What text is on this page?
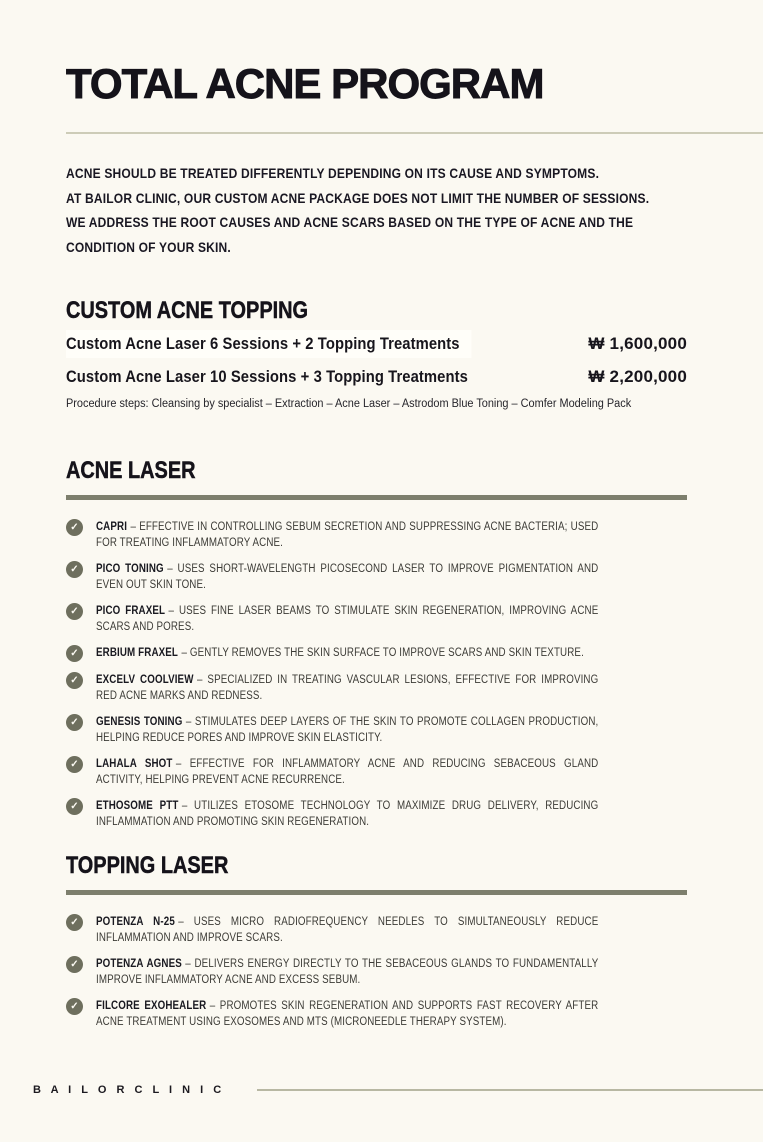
TOTAL ACNE PROGRAM
ACNE SHOULD BE TREATED DIFFERENTLY DEPENDING ON ITS CAUSE AND SYMPTOMS.
AT BAILOR CLINIC, OUR CUSTOM ACNE PACKAGE DOES NOT LIMIT THE NUMBER OF SESSIONS.
WE ADDRESS THE ROOT CAUSES AND ACNE SCARS BASED ON THE TYPE OF ACNE AND THE CONDITION OF YOUR SKIN.
CUSTOM ACNE TOPPING
Custom Acne Laser 6 Sessions + 2 Topping Treatments	₩ 1,600,000
Custom Acne Laser 10 Sessions + 3 Topping Treatments	₩ 2,200,000
Procedure steps: Cleansing by specialist – Extraction – Acne Laser – Astrodom Blue Toning – Comfer Modeling Pack
ACNE LASER
✓	CAPRI – EFFECTIVE IN CONTROLLING SEBUM SECRETION AND SUPPRESSING ACNE BACTERIA; USED FOR TREATING INFLAMMATORY ACNE.
✓	PICO TONING – USES SHORT-WAVELENGTH PICOSECOND LASER TO IMPROVE PIGMENTATION AND EVEN OUT SKIN TONE.
✓	PICO FRAXEL – USES FINE LASER BEAMS TO STIMULATE SKIN REGENERATION, IMPROVING ACNE SCARS AND PORES.
✓	ERBIUM FRAXEL – GENTLY REMOVES THE SKIN SURFACE TO IMPROVE SCARS AND SKIN TEXTURE.
✓	EXCELV COOLVIEW – SPECIALIZED IN TREATING VASCULAR LESIONS, EFFECTIVE FOR IMPROVING RED ACNE MARKS AND REDNESS.
✓	GENESIS TONING – STIMULATES DEEP LAYERS OF THE SKIN TO PROMOTE COLLAGEN PRODUCTION, HELPING REDUCE PORES AND IMPROVE SKIN ELASTICITY.
✓	LAHALA SHOT – EFFECTIVE FOR INFLAMMATORY ACNE AND REDUCING SEBACEOUS GLAND ACTIVITY, HELPING PREVENT ACNE RECURRENCE.
✓	ETHOSOME PTT – UTILIZES ETOSOME TECHNOLOGY TO MAXIMIZE DRUG DELIVERY, REDUCING INFLAMMATION AND PROMOTING SKIN REGENERATION.
TOPPING LASER
✓	POTENZA N-25 – USES MICRO RADIOFREQUENCY NEEDLES TO SIMULTANEOUSLY REDUCE INFLAMMATION AND IMPROVE SCARS.
✓	POTENZA AGNES – DELIVERS ENERGY DIRECTLY TO THE SEBACEOUS GLANDS TO FUNDAMENTALLY IMPROVE INFLAMMATORY ACNE AND EXCESS SEBUM.
✓	FILCORE EXOHEALER – PROMOTES SKIN REGENERATION AND SUPPORTS FAST RECOVERY AFTER ACNE TREATMENT USING EXOSOMES AND MTS (MICRONEEDLE THERAPY SYSTEM).
B A I L O R C L I N I C
